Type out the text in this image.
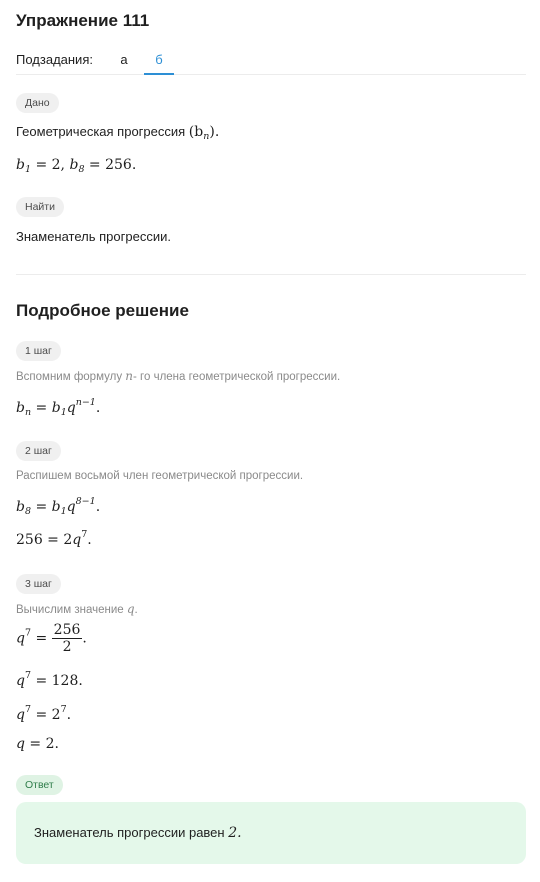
Упражнение 111
Подзадания:	а	б
Дано
Геометрическая прогрессия $(b_n)$.
$b_1 = 2$, $b_8 = 256$.
Найти
Знаменатель прогрессии.
Подробное решение
1 шаг
Вспомним формулу n- го члена геометрической прогрессии.
$b_n = b_1q^{n-1}$.
2 шаг
Распишем восьмой член геометрической прогрессии.
$b_8 = b_1q^{8-1}$.
$256 = 2q^7$.
3 шаг
Вычислим значение q.
$q^7 = \frac{256}{2}$ .
$q^7 = 128$.
$q^7 = 2^7$.
q = 2.
Ответ
Знаменатель прогрессии равен 2.
